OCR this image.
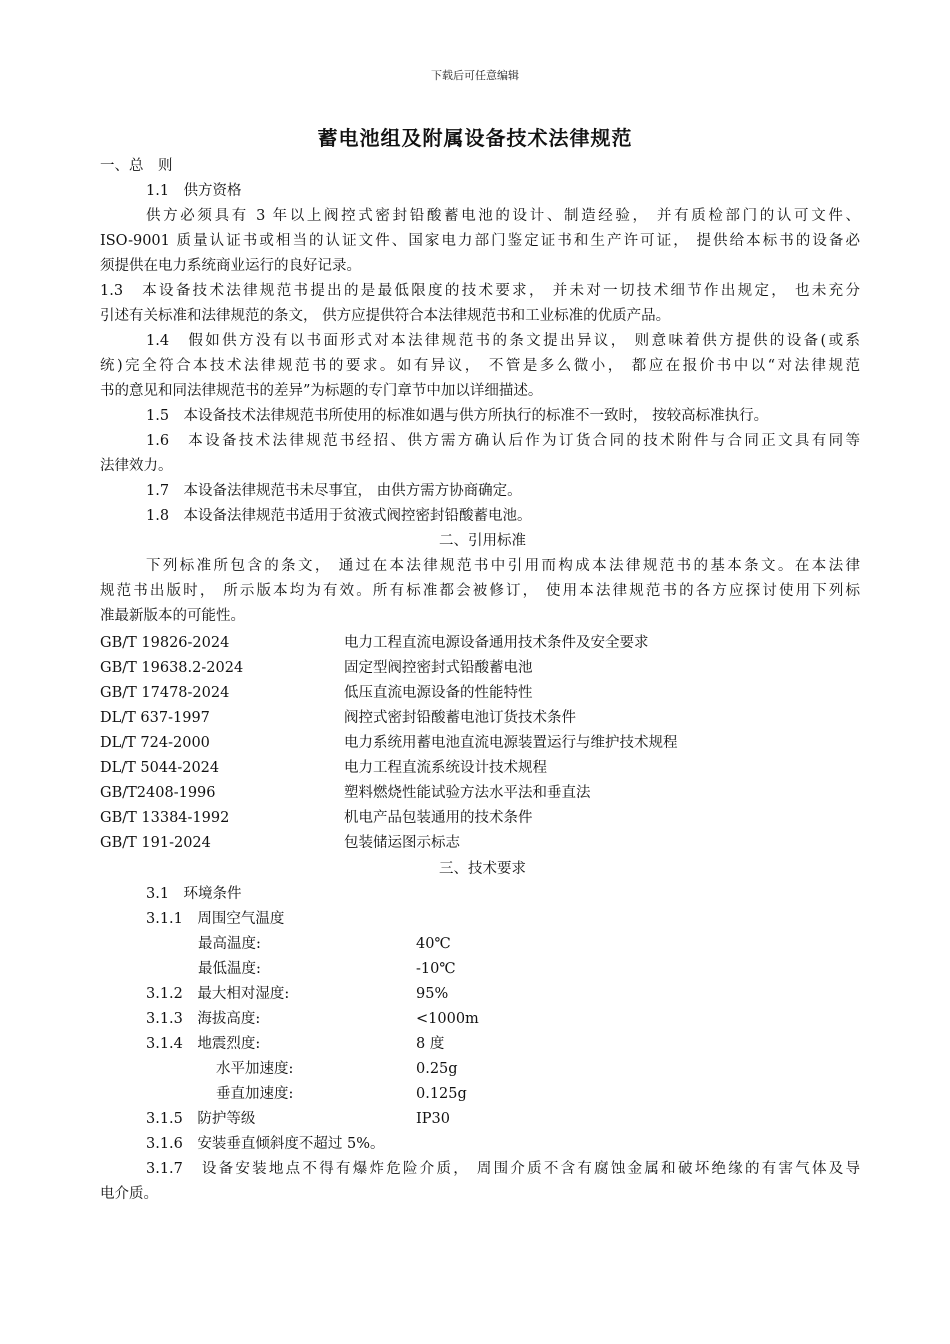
下载后可任意编辑
蓄电池组及附属设备技术法律规范
一、总　则
1.1　供方资格
供方必须具有 3 年以上阀控式密封铅酸蓄电池的设计、制造经验， 并有质检部门的认可文件、
ISO-9001 质量认证书或相当的认证文件、国家电力部门鉴定证书和生产许可证， 提供给本标书的设备必
须提供在电力系统商业运行的良好记录。
1.3　本设备技术法律规范书提出的是最低限度的技术要求， 并未对一切技术细节作出规定， 也未充分
引述有关标准和法律规范的条文， 供方应提供符合本法律规范书和工业标准的优质产品。
1.4　假如供方没有以书面形式对本法律规范书的条文提出异议， 则意味着供方提供的设备(或系
统)完全符合本技术法律规范书的要求。如有异议， 不管是多么微小， 都应在报价书中以“对法律规范
书的意见和同法律规范书的差异”为标题的专门章节中加以详细描述。
1.5　本设备技术法律规范书所使用的标准如遇与供方所执行的标准不一致时， 按较高标准执行。
1.6　本设备技术法律规范书经招、供方需方确认后作为订货合同的技术附件与合同正文具有同等
法律效力。
1.7　本设备法律规范书未尽事宜， 由供方需方协商确定。
1.8　本设备法律规范书适用于贫液式阀控密封铅酸蓄电池。
二、引用标准
下列标准所包含的条文， 通过在本法律规范书中引用而构成本法律规范书的基本条文。在本法律
规范书出版时， 所示版本均为有效。所有标准都会被修订， 使用本法律规范书的各方应探讨使用下列标
准最新版本的可能性。
GB/T 19826-2024	电力工程直流电源设备通用技术条件及安全要求
GB/T 19638.2-2024	固定型阀控密封式铅酸蓄电池
GB/T 17478-2024	低压直流电源设备的性能特性
DL/T 637-1997	阀控式密封铅酸蓄电池订货技术条件
DL/T 724-2000	电力系统用蓄电池直流电源装置运行与维护技术规程
DL/T 5044-2024	电力工程直流系统设计技术规程
GB/T2408-1996	塑料燃烧性能试验方法水平法和垂直法
GB/T 13384-1992	机电产品包装通用的技术条件
GB/T 191-2024	包装储运图示标志
三、技术要求
3.1　环境条件
3.1.1　周围空气温度
最高温度:	40℃
最低温度:	-10℃
3.1.2　最大相对湿度:	95%
3.1.3　海拔高度:	<1000m
3.1.4　地震烈度:	8 度
水平加速度:	0.25g
垂直加速度:	0.125g
3.1.5　防护等级	IP30
3.1.6　安装垂直倾斜度不超过 5%。
3.1.7　设备安装地点不得有爆炸危险介质， 周围介质不含有腐蚀金属和破坏绝缘的有害气体及导
电介质。
